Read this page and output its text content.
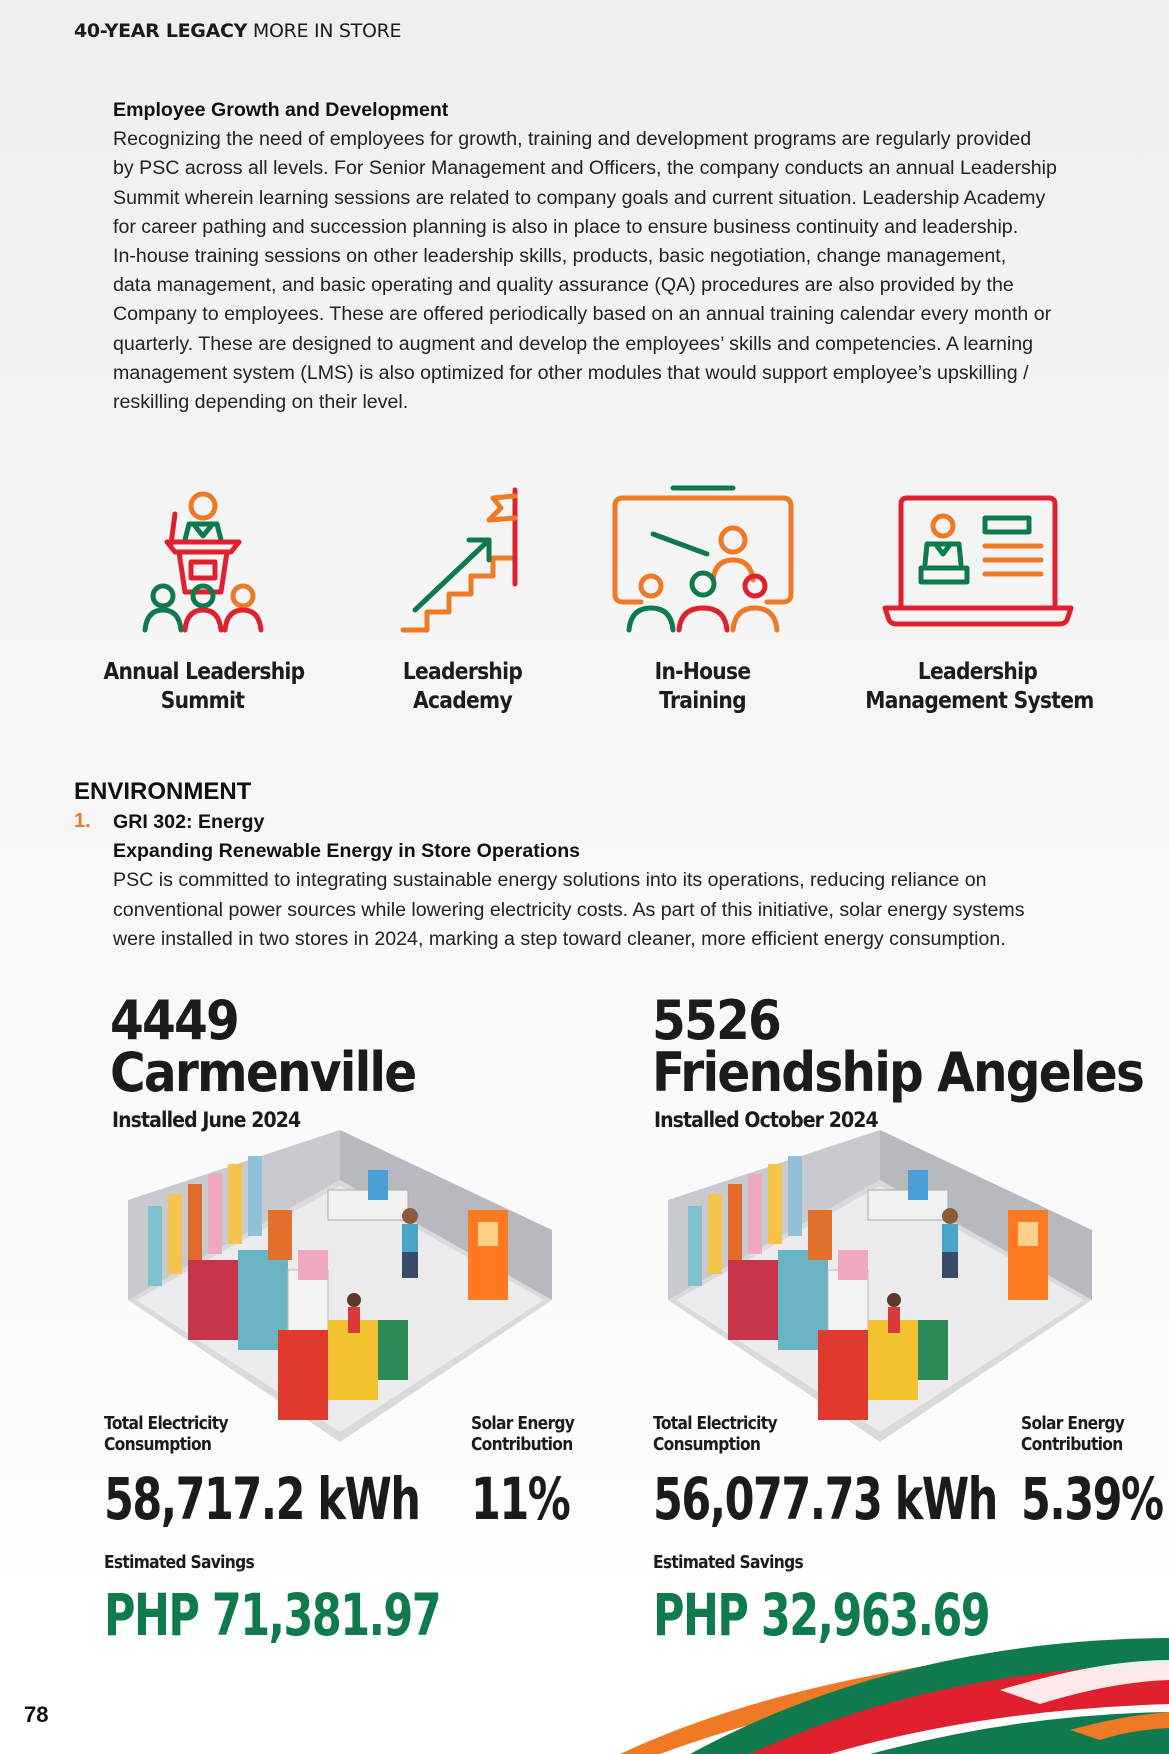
40-YEAR LEGACY MORE IN STORE
Employee Growth and Development
Recognizing the need of employees for growth, training and development programs are regularly provided
by PSC across all levels. For Senior Management and Officers, the company conducts an annual Leadership
Summit wherein learning sessions are related to company goals and current situation. Leadership Academy
for career pathing and succession planning is also in place to ensure business continuity and leadership.
In-house training sessions on other leadership skills, products, basic negotiation, change management,
data management, and basic operating and quality assurance (QA) procedures are also provided by the
Company to employees. These are offered periodically based on an annual training calendar every month or
quarterly. These are designed to augment and develop the employees’ skills and competencies. A learning
management system (LMS) is also optimized for other modules that would support employee’s upskilling /
reskilling depending on their level.
Annual Leadership
Summit
Leadership
Academy
In-House
Training
Leadership
Management System
ENVIRONMENT
1. GRI 302: Energy
Expanding Renewable Energy in Store Operations
PSC is committed to integrating sustainable energy solutions into its operations, reducing reliance on
conventional power sources while lowering electricity costs. As part of this initiative, solar energy systems
were installed in two stores in 2024, marking a step toward cleaner, more efficient energy consumption.
4449
Carmenville
Installed June 2024
Total Electricity
Consumption
58,717.2 kWh
Solar Energy
Contribution
11%
Estimated Savings
PHP 71,381.97
5526
Friendship Angeles
Installed October 2024
Total Electricity
Consumption
56,077.73 kWh
Solar Energy
Contribution
5.39%
Estimated Savings
PHP 32,963.69
78
